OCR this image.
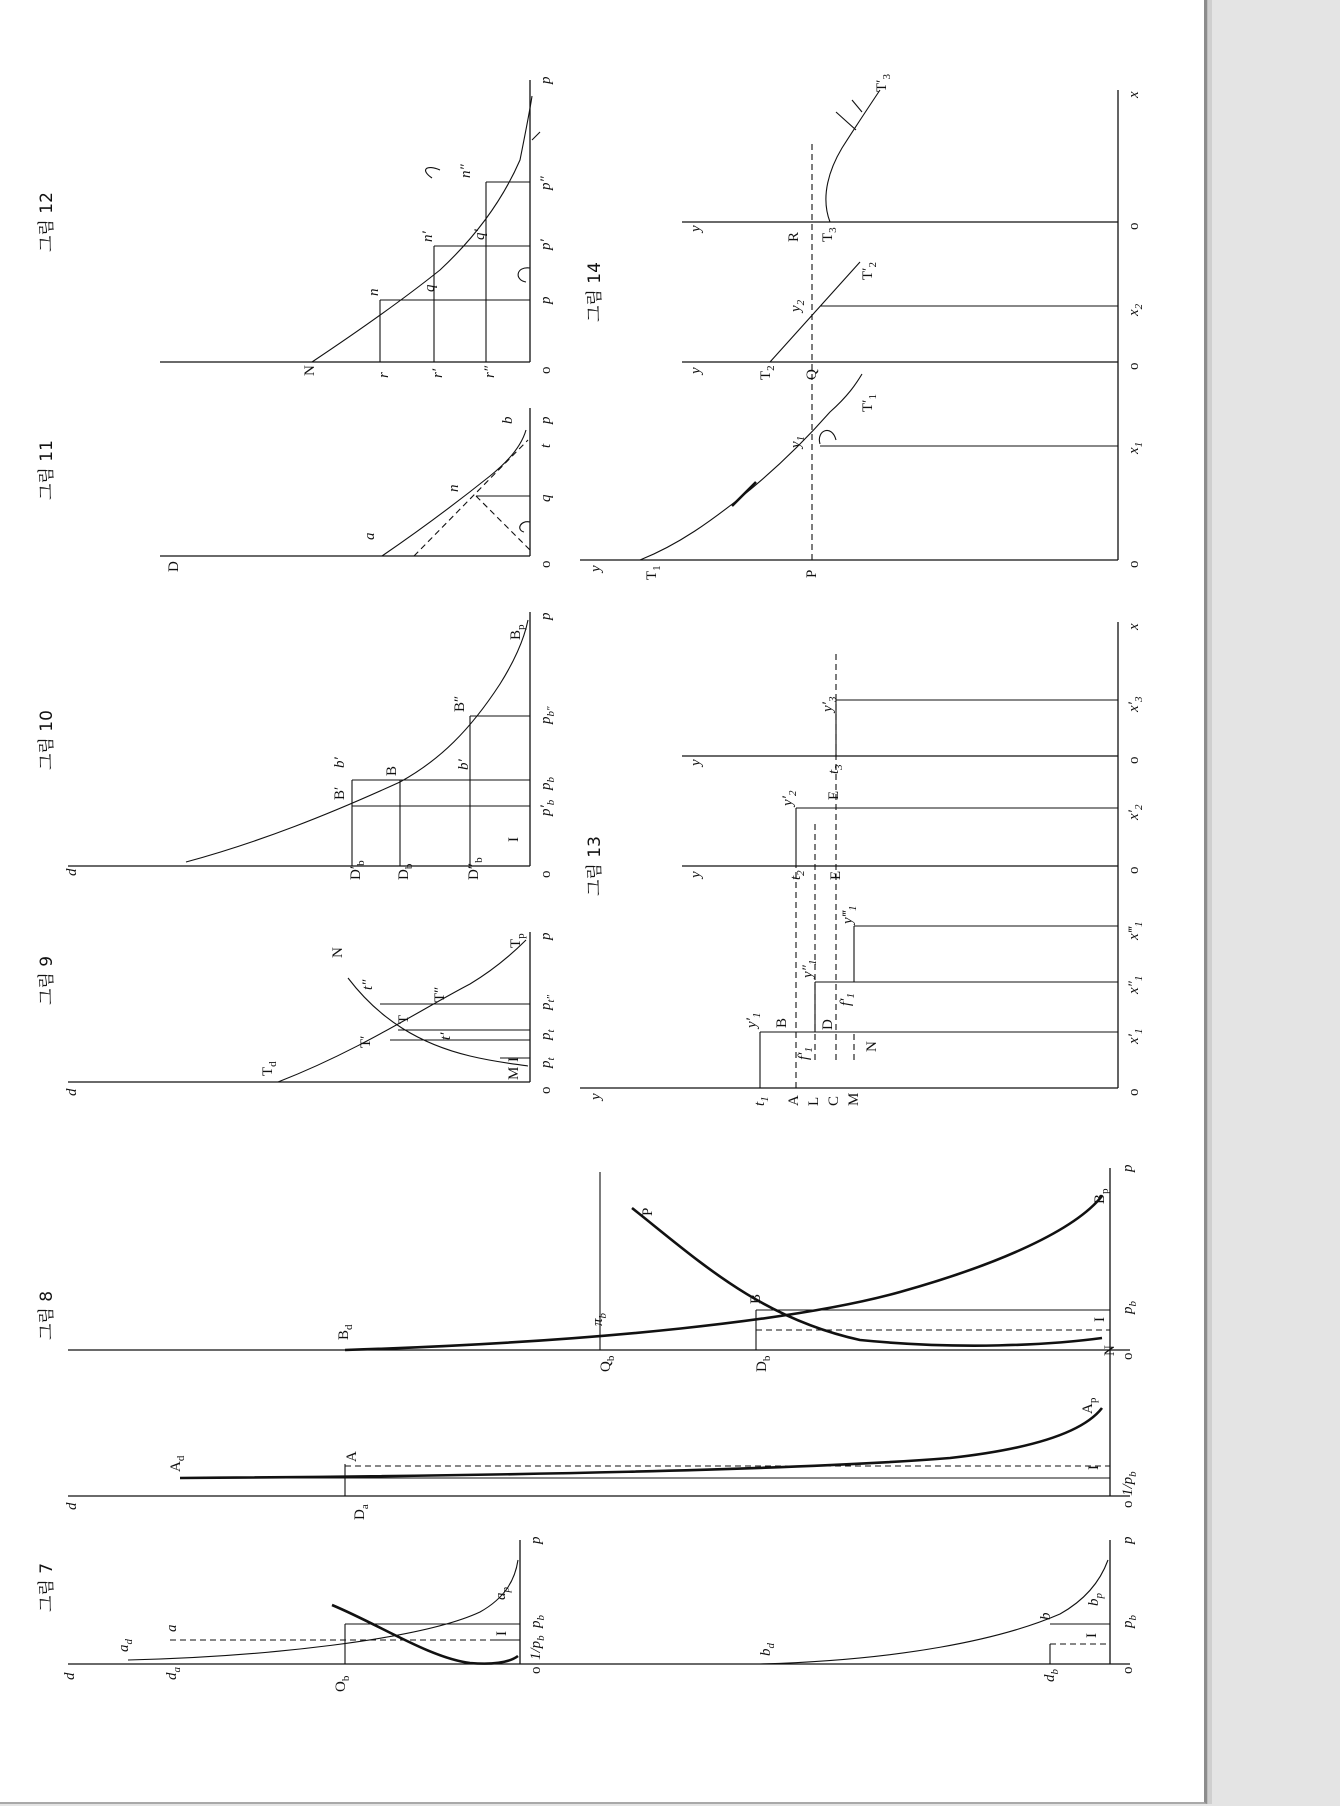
그림 7
그림 8
그림 9
그림 10
그림 11
그림 12
그림 13
그림 14
d
p
o
$a_d$
a
$d_a$
$O_b$
$a_p$
I
$1/p_b$
$p_b$
$b_d$
b
$b_p$
$d_b$
I
$p_b$
o
p
d
$A_d$	A
$D_a$
$A_p$
I
$1/p_b$
o
$B_d$
$\pi_b$
$Q_b$
P
B
$D_b$
I
$p_b$
N
$B_p$
o
p
d
$T_d$
N
t″
T′
T
T″
t′
M
I
$T_p$
o
$p_t$
$p_t$
$p_{t''}$
p
d
B′
b′
B
B″
b′
$B_p$
$D'_b$
$D_b$	$D''_b$
I
o
$p'_b$
$p_b$
$p_{b''}$
p
D
a
n
b
o
q
t
p
N
n
n′
n″
r	r′ r″
q
q′
o
p
p′
p″
p
y
$t_1$ A L C M
$y'_1$
B
$f'_1$
$y''_1$
D
$f'_1$
$y‴_1$
N
$x'_1$
$x''_1$
$x‴_1$
o
y	$t_2$ E
o
$y'_2$ E
$t_3$
$x'_2$
o
y
$y'_3$
$x'_3$
x
y
$T_1$
P
$y_1$
$T'_1$
$x_1$
o
y
$T_2$
Q
$y_2$
$T'_2$
$x_2$
o
y
R $T_3$
$T'_3$
o
x
